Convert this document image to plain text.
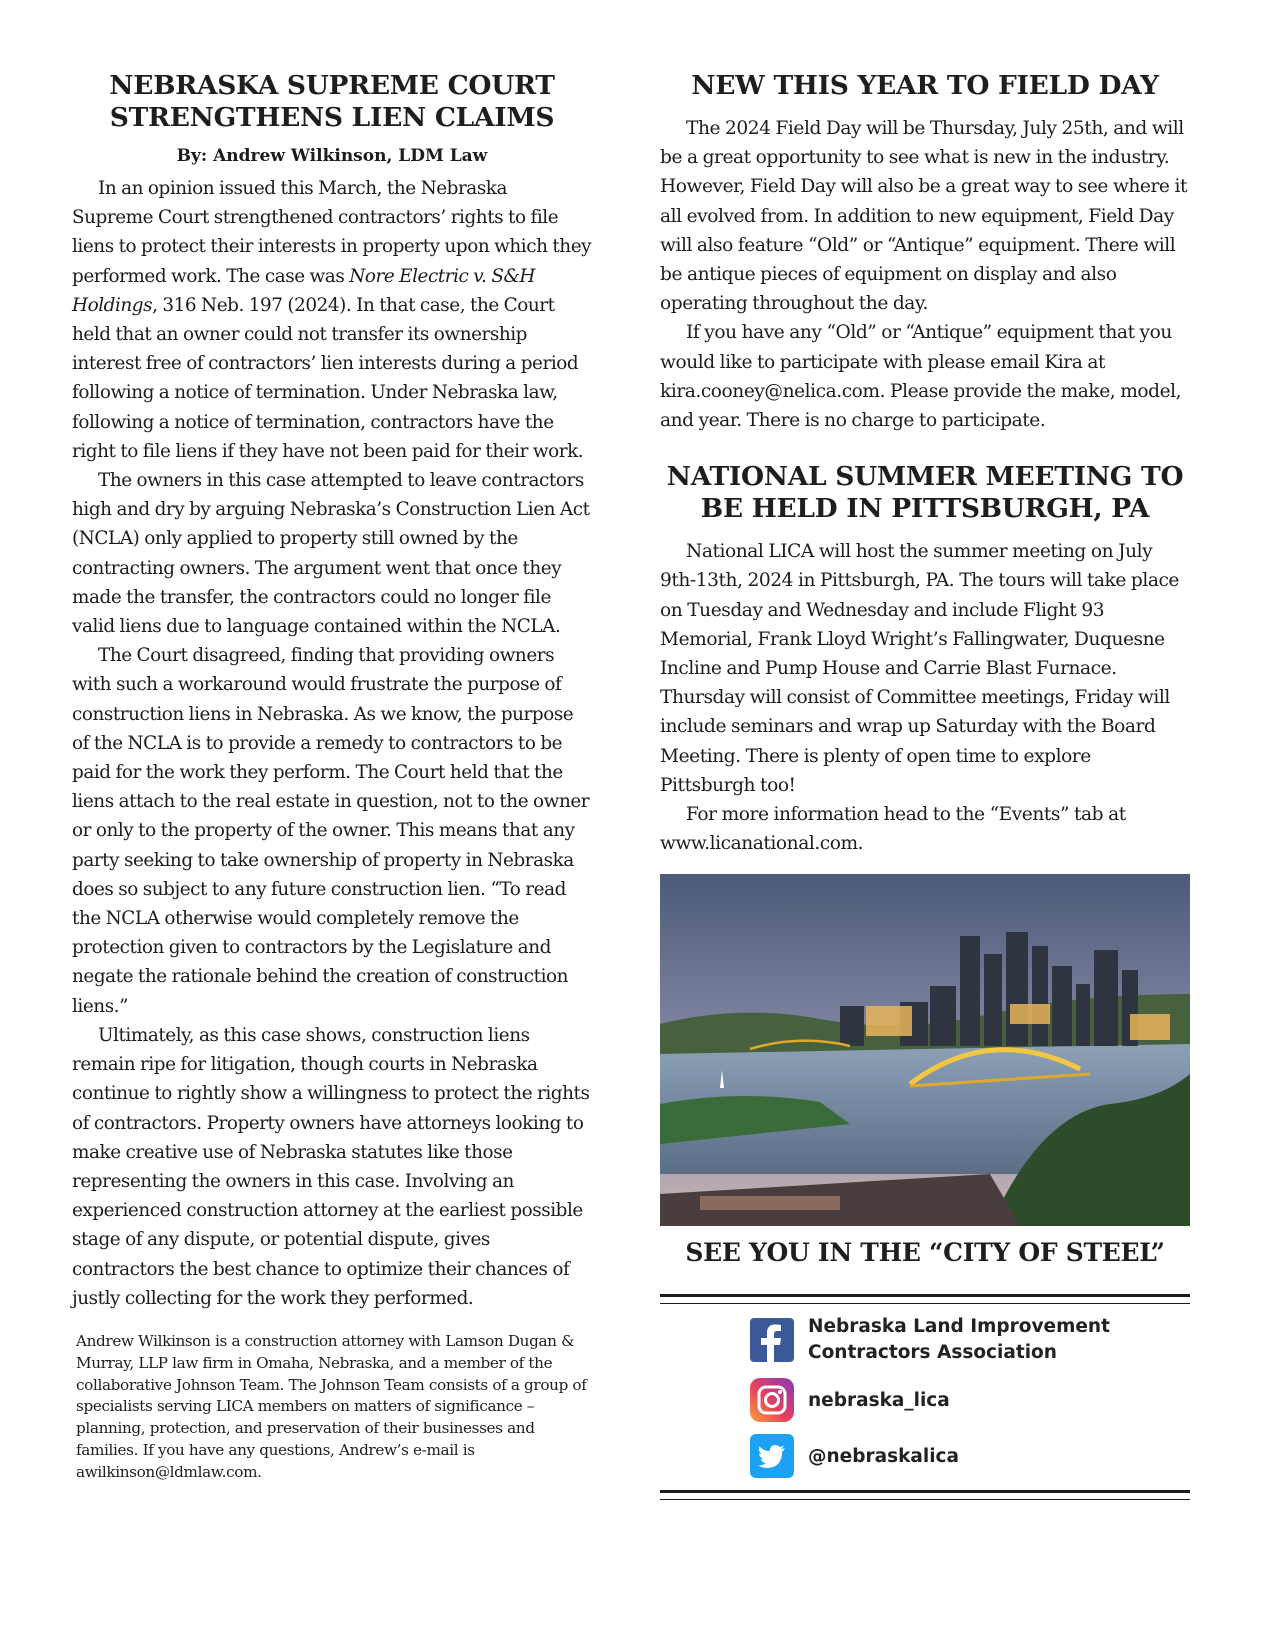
NEBRASKA SUPREME COURT
STRENGTHENS LIEN CLAIMS
By: Andrew Wilkinson, LDM Law

In an opinion issued this March, the Nebraska Supreme Court strengthened contractors’ rights to file liens to protect their interests in property upon which they performed work. The case was Nore Electric v. S&H Holdings, 316 Neb. 197 (2024). In that case, the Court held that an owner could not transfer its ownership interest free of contractors’ lien interests during a period following a notice of termination. Under Nebraska law, following a notice of termination, contractors have the right to file liens if they have not been paid for their work.

The owners in this case attempted to leave contractors high and dry by arguing Nebraska’s Construction Lien Act (NCLA) only applied to property still owned by the contracting owners. The argument went that once they made the transfer, the contractors could no longer file valid liens due to language contained within the NCLA.

The Court disagreed, finding that providing owners with such a workaround would frustrate the purpose of construction liens in Nebraska. As we know, the purpose of the NCLA is to provide a remedy to contractors to be paid for the work they perform. The Court held that the liens attach to the real estate in question, not to the owner or only to the property of the owner. This means that any party seeking to take ownership of property in Nebraska does so subject to any future construction lien. “To read the NCLA otherwise would completely remove the protection given to contractors by the Legislature and negate the rationale behind the creation of construction liens.”

Ultimately, as this case shows, construction liens remain ripe for litigation, though courts in Nebraska continue to rightly show a willingness to protect the rights of contractors. Property owners have attorneys looking to make creative use of Nebraska statutes like those representing the owners in this case. Involving an experienced construction attorney at the earliest possible stage of any dispute, or potential dispute, gives contractors the best chance to optimize their chances of justly collecting for the work they performed.

Andrew Wilkinson is a construction attorney with Lamson Dugan & Murray, LLP law firm in Omaha, Nebraska, and a member of the collaborative Johnson Team. The Johnson Team consists of a group of specialists serving LICA members on matters of significance – planning, protection, and preservation of their businesses and families. If you have any questions, Andrew’s e-mail is awilkinson@ldmlaw.com.
NEW THIS YEAR TO FIELD DAY

The 2024 Field Day will be Thursday, July 25th, and will be a great opportunity to see what is new in the industry. However, Field Day will also be a great way to see where it all evolved from. In addition to new equipment, Field Day will also feature “Old” or “Antique” equipment. There will be antique pieces of equipment on display and also operating throughout the day.

If you have any “Old” or “Antique” equipment that you would like to participate with please email Kira at kira.cooney@nelica.com. Please provide the make, model, and year. There is no charge to participate.

NATIONAL SUMMER MEETING TO
BE HELD IN PITTSBURGH, PA

National LICA will host the summer meeting on July 9th-13th, 2024 in Pittsburgh, PA. The tours will take place on Tuesday and Wednesday and include Flight 93 Memorial, Frank Lloyd Wright’s Fallingwater, Duquesne Incline and Pump House and Carrie Blast Furnace. Thursday will consist of Committee meetings, Friday will include seminars and wrap up Saturday with the Board Meeting. There is plenty of open time to explore Pittsburgh too!

For more information head to the “Events” tab at www.licanational.com.

SEE YOU IN THE “CITY OF STEEL”
Nebraska Land Improvement
Contractors Association
nebraska_lica
@nebraskalica
